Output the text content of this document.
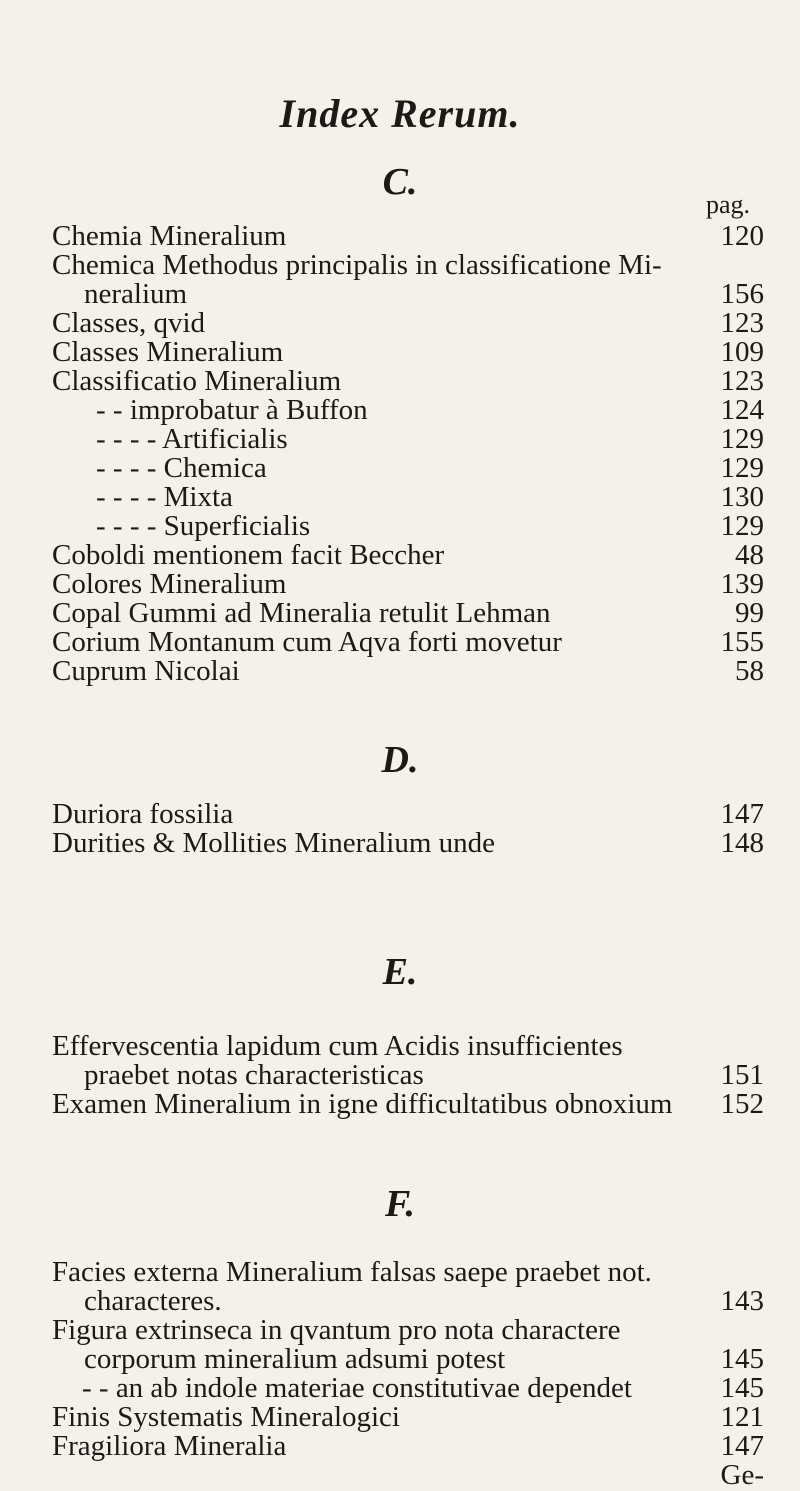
Index Rerum.
C.
pag.
Chemia Mineralium	120
Chemica Methodus principalis in classificatione Mi-
neralium	156
Classes, qvid	123
Classes Mineralium	109
Classificatio Mineralium	123
- - improbatur à Buffon	124
- - - - Artificialis	129
- - - - Chemica	129
- - - - Mixta	130
- - - - Superficialis	129
Coboldi mentionem facit Beccher	48
Colores Mineralium	139
Copal Gummi ad Mineralia retulit Lehman	99
Corium Montanum cum Aqva forti movetur	155
Cuprum Nicolai	58
D.
Duriora fossilia	147
Durities & Mollities Mineralium unde	148
E.
Effervescentia lapidum cum Acidis insufficientes
praebet notas characteristicas	151
Examen Mineralium in igne difficultatibus obnoxium	152
F.
Facies externa Mineralium falsas saepe praebet not.
characteres.	143
Figura extrinseca in qvantum pro nota charactere
corporum mineralium adsumi potest	145
- - an ab indole materiae constitutivae dependet	145
Finis Systematis Mineralogici	121
Fragiliora Mineralia	147
Ge-
